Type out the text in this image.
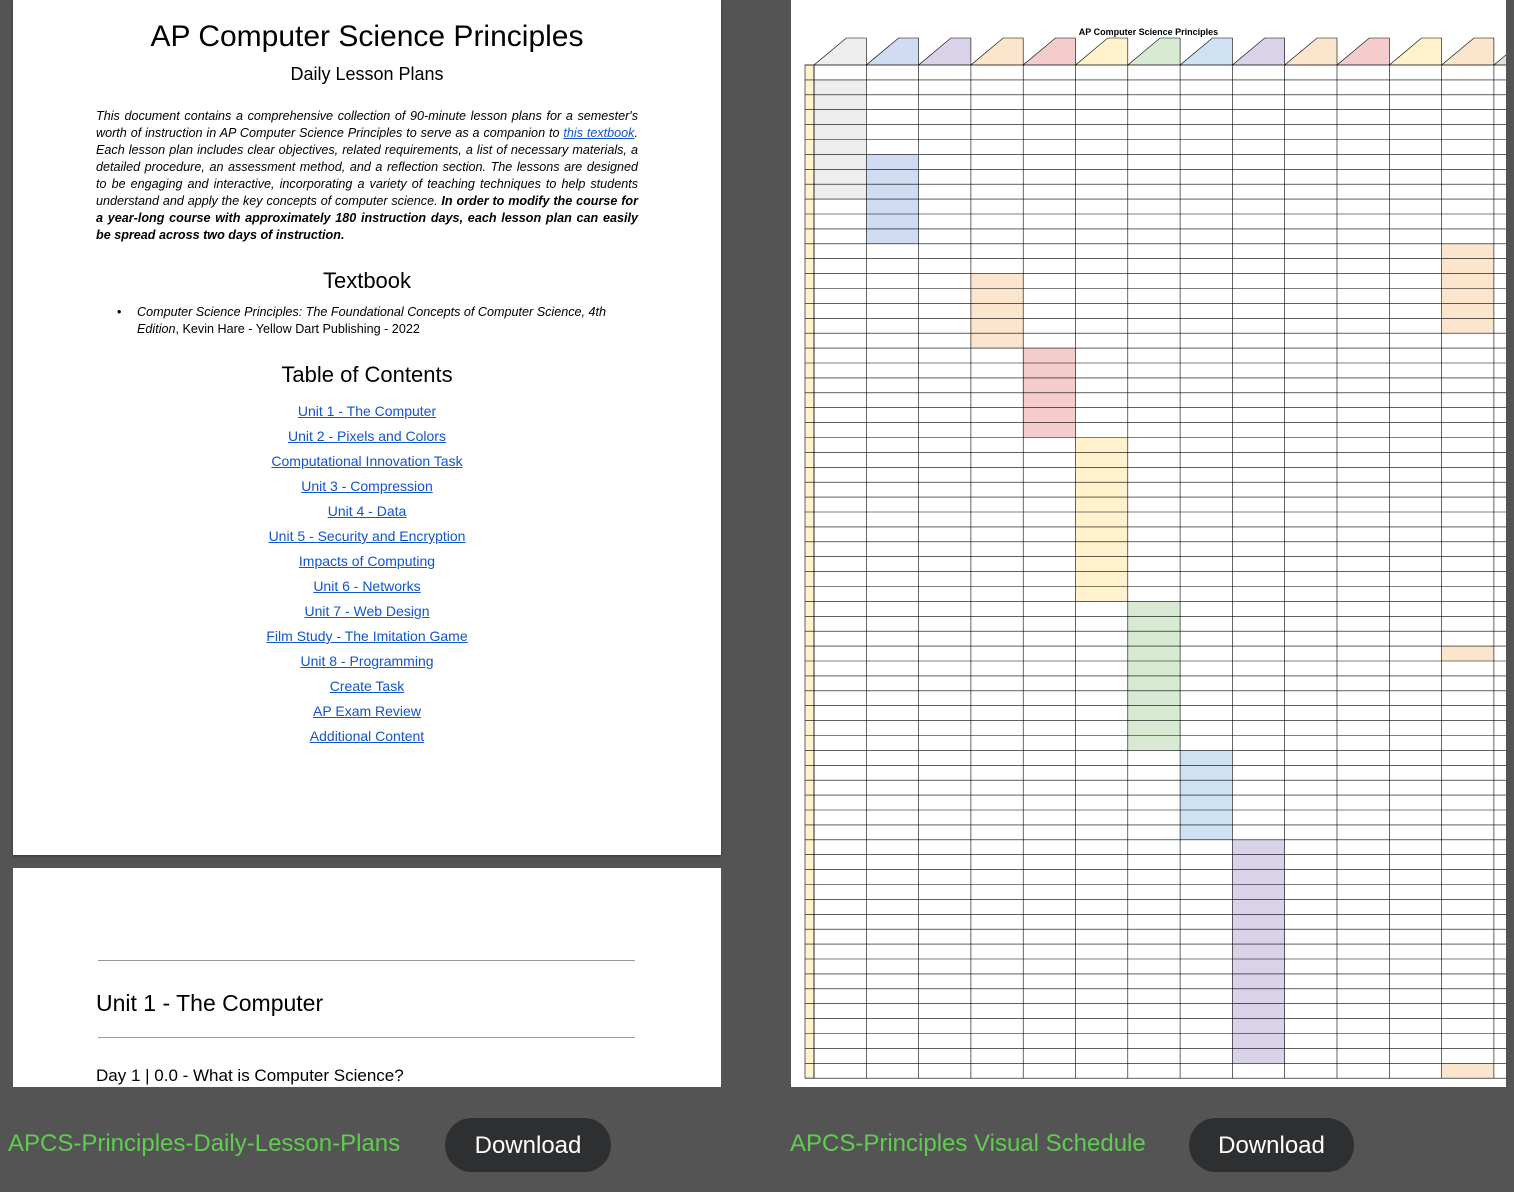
AP Computer Science Principles
Daily Lesson Plans
This document contains a comprehensive collection of 90-minute lesson plans for a semester's worth of instruction in AP Computer Science Principles to serve as a companion to this textbook. Each lesson plan includes clear objectives, related requirements, a list of necessary materials, a detailed procedure, an assessment method, and a reflection section. The lessons are designed to be engaging and interactive, incorporating a variety of teaching techniques to help students understand and apply the key concepts of computer science. In order to modify the course for a year-long course with approximately 180 instruction days, each lesson plan can easily be spread across two days of instruction.
Textbook
• Computer Science Principles: The Foundational Concepts of Computer Science, 4th Edition, Kevin Hare - Yellow Dart Publishing - 2022
Table of Contents
Unit 1 - The Computer
Unit 2 - Pixels and Colors
Computational Innovation Task
Unit 3 - Compression
Unit 4 - Data
Unit 5 - Security and Encryption
Impacts of Computing
Unit 6 - Networks
Unit 7 - Web Design
Film Study - The Imitation Game
Unit 8 - Programming
Create Task
AP Exam Review
Additional Content
Unit 1 - The Computer
Day 1 | 0.0 - What is Computer Science?
AP Computer Science Principles
APCS-Principles-Daily-Lesson-Plans	Download	APCS-Principles Visual Schedule	Download
